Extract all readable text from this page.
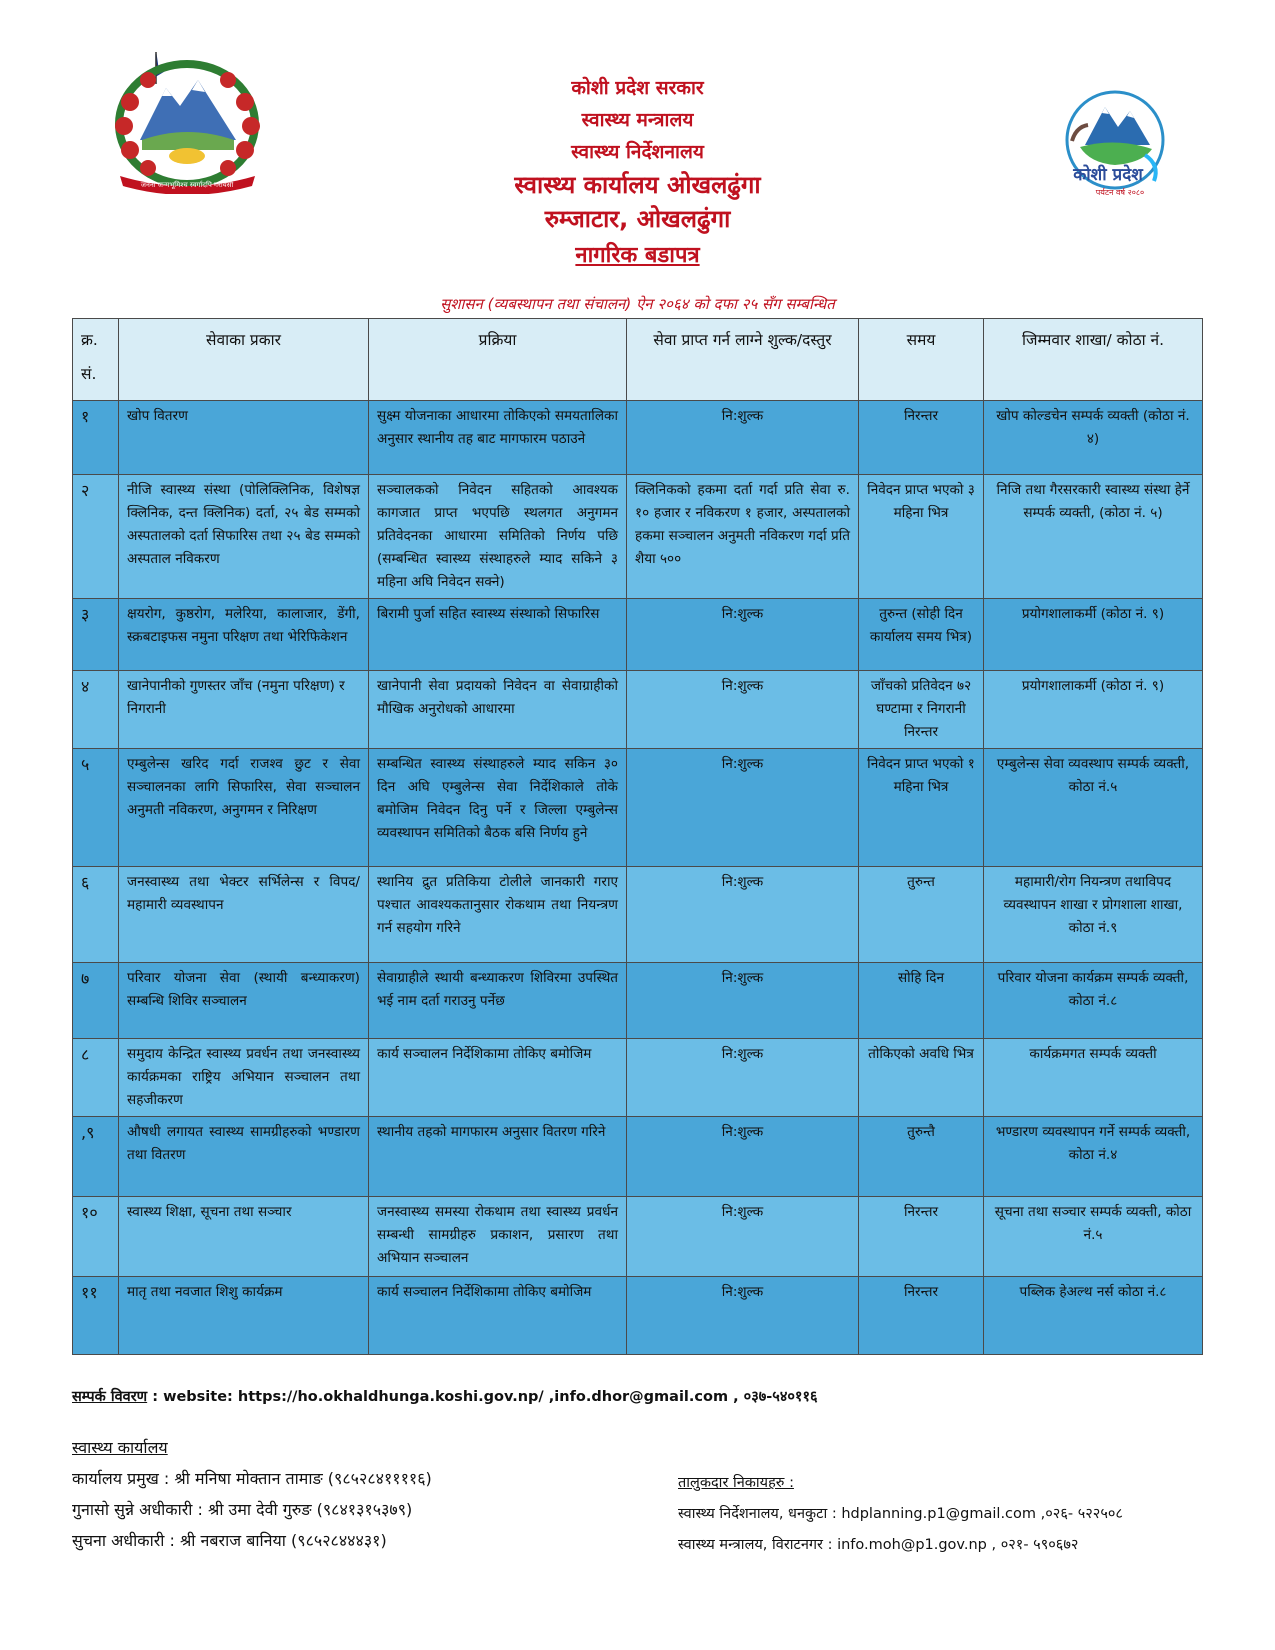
जननी जन्मभूमिश्च स्वर्गादपि गरीयसी	कोशी प्रदेश
पर्यटन वर्ष २०८०
कोशी प्रदेश सरकार
स्वास्थ्य मन्त्रालय
स्वास्थ्य निर्देशनालय
स्वास्थ्य कार्यालय ओखलढुंगा
रुम्जाटार, ओखलढुंगा
नागरिक बडापत्र
सुशासन (व्यबस्थापन तथा संचालन) ऐन २०६४ को दफा २५ सँग सम्बन्धित
क्र. सं.	सेवाका प्रकार	प्रक्रिया	सेवा प्राप्त गर्न लाग्ने शुल्क/दस्तुर	समय	जिम्मवार शाखा/ कोठा नं.
१	खोप वितरण	सुक्ष्म योजनाका आधारमा तोकिएको समयतालिका अनुसार स्थानीय तह बाट मागफारम पठाउने	नि:शुल्क	निरन्तर	खोप कोल्डचेन सम्पर्क व्यक्ती (कोठा नं. ४)
२	नीजि स्वास्थ्य संस्था (पोलिक्लिनिक, विशेषज्ञ क्लिनिक, दन्त क्लिनिक) दर्ता, २५ बेड सम्मको अस्पतालको दर्ता सिफारिस तथा २५ बेड सम्मको अस्पताल नविकरण	सञ्चालकको निवेदन सहितको आवश्यक कागजात प्राप्त भएपछि स्थलगत अनुगमन प्रतिवेदनका आधारमा समितिको निर्णय पछि (सम्बन्धित स्वास्थ्य संस्थाहरुले म्याद सकिने ३ महिना अघि निवेदन सक्ने)	क्लिनिकको हकमा दर्ता गर्दा प्रति सेवा रु. १० हजार र नविकरण १ हजार, अस्पतालको हकमा सञ्चालन अनुमती नविकरण गर्दा प्रति शैया ५००	निवेदन प्राप्त भएको ३ महिना भित्र	निजि तथा गैरसरकारी स्वास्थ्य संस्था हेर्ने सम्पर्क व्यक्ती, (कोठा नं. ५)
३	क्षयरोग, कुष्ठरोग, मलेरिया, कालाजार, डेंगी, स्क्रबटाइफस नमुना परिक्षण तथा भेरिफिकेशन	बिरामी पुर्जा सहित स्वास्थ्य संस्थाको सिफारिस	नि:शुल्क	तुरुन्त (सोही दिन कार्यालय समय भित्र)	प्रयोगशालाकर्मी (कोठा नं. ९)
४	खानेपानीको गुणस्तर जाँच (नमुना परिक्षण) र निगरानी	खानेपानी सेवा प्रदायको निवेदन वा सेवाग्राहीको मौखिक अनुरोधको आधारमा	नि:शुल्क	जाँचको प्रतिवेदन ७२ घण्टामा र निगरानी निरन्तर	प्रयोगशालाकर्मी (कोठा नं. ९)
५	एम्बुलेन्स खरिद गर्दा राजश्व छुट र सेवा सञ्चालनका लागि सिफारिस, सेवा सञ्चालन अनुमती नविकरण, अनुगमन र निरिक्षण	सम्बन्धित स्वास्थ्य संस्थाहरुले म्याद सकिन ३० दिन अघि एम्बुलेन्स सेवा निर्देशिकाले तोके बमोजिम निवेदन दिनु पर्ने र जिल्ला एम्बुलेन्स व्यवस्थापन समितिको बैठक बसि निर्णय हुने	नि:शुल्क	निवेदन प्राप्त भएको १ महिना भित्र	एम्बुलेन्स सेवा व्यवस्थाप सम्पर्क व्यक्ती, कोठा नं.५
६	जनस्वास्थ्य तथा भेक्टर सर्भिलेन्स र विपद/महामारी व्यवस्थापन	स्थानिय द्रुत प्रतिकिया टोलीले जानकारी गराए पश्चात आवश्यकतानुसार रोकथाम तथा नियन्त्रण गर्न सहयोग गरिने	नि:शुल्क	तुरुन्त	महामारी/रोग नियन्त्रण तथाविपद व्यवस्थापन शाखा र प्रोगशाला शाखा, कोठा नं.९
७	परिवार योजना सेवा (स्थायी बन्ध्याकरण) सम्बन्धि शिविर सञ्चालन	सेवाग्राहीले स्थायी बन्ध्याकरण शिविरमा उपस्थित भई नाम दर्ता गराउनु पर्नेछ	नि:शुल्क	सोहि दिन	परिवार योजना कार्यक्रम सम्पर्क व्यक्ती, कोठा नं.८
८	समुदाय केन्द्रित स्वास्थ्य प्रवर्धन तथा जनस्वास्थ्य कार्यक्रमका राष्ट्रिय अभियान सञ्चालन तथा सहजीकरण	कार्य सञ्चालन निर्देशिकामा तोकिए बमोजिम	नि:शुल्क	तोकिएको अवधि भित्र	कार्यक्रमगत सम्पर्क व्यक्ती
,९	औषधी लगायत स्वास्थ्य सामग्रीहरुको भण्डारण तथा वितरण	स्थानीय तहको मागफारम अनुसार वितरण गरिने	नि:शुल्क	तुरुन्तै	भण्डारण व्यवस्थापन गर्ने सम्पर्क व्यक्ती, कोठा नं.४
१०	स्वास्थ्य शिक्षा, सूचना तथा सञ्चार	जनस्वास्थ्य समस्या रोकथाम तथा स्वास्थ्य प्रवर्धन सम्बन्धी सामग्रीहरु प्रकाशन, प्रसारण तथा अभियान सञ्चालन	नि:शुल्क	निरन्तर	सूचना तथा सञ्चार सम्पर्क व्यक्ती, कोठा नं.५
११	मातृ तथा नवजात शिशु कार्यक्रम	कार्य सञ्चालन निर्देशिकामा तोकिए बमोजिम	नि:शुल्क	निरन्तर	पब्लिक हेअल्थ नर्स कोठा नं.८
सम्पर्क विवरण : website: https://ho.okhaldhunga.koshi.gov.np/ ,info.dhor@gmail.com , ०३७-५४०११६
स्वास्थ्य कार्यालय
कार्यालय प्रमुख : श्री मनिषा मोक्तान तामाङ (९८५२८४११११६)
गुनासो सुन्ने अधीकारी : श्री उमा देवी गुरुङ (९८४१३१५३७९)
सुचना अधीकारी : श्री नबराज बानिया (९८५२८४४४३१)
तालुकदार निकायहरु :
स्वास्थ्य निर्देशनालय, धनकुटा : hdplanning.p1@gmail.com ,०२६- ५२२५०८
स्वास्थ्य मन्त्रालय, विराटनगर : info.moh@p1.gov.np , ०२१- ५९०६७२
